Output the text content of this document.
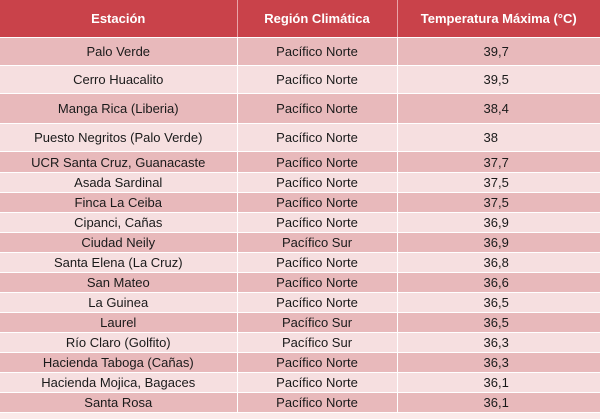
Estación	Región Climática	Temperatura Máxima (°C)
Palo Verde	Pacífico Norte	39,7
Cerro Huacalito	Pacífico Norte	39,5
Manga Rica (Liberia)	Pacífico Norte	38,4
Puesto Negritos (Palo Verde)	Pacífico Norte	38
UCR Santa Cruz, Guanacaste	Pacífico Norte	37,7
Asada Sardinal	Pacífico Norte	37,5
Finca La Ceiba	Pacífico Norte	37,5
Cipanci, Cañas	Pacífico Norte	36,9
Ciudad Neily	Pacífico Sur	36,9
Santa Elena (La Cruz)	Pacífico Norte	36,8
San Mateo	Pacífico Norte	36,6
La Guinea	Pacífico Norte	36,5
Laurel	Pacífico Sur	36,5
Río Claro (Golfito)	Pacífico Sur	36,3
Hacienda Taboga (Cañas)	Pacífico Norte	36,3
Hacienda Mojica, Bagaces	Pacífico Norte	36,1
Santa Rosa	Pacífico Norte	36,1
